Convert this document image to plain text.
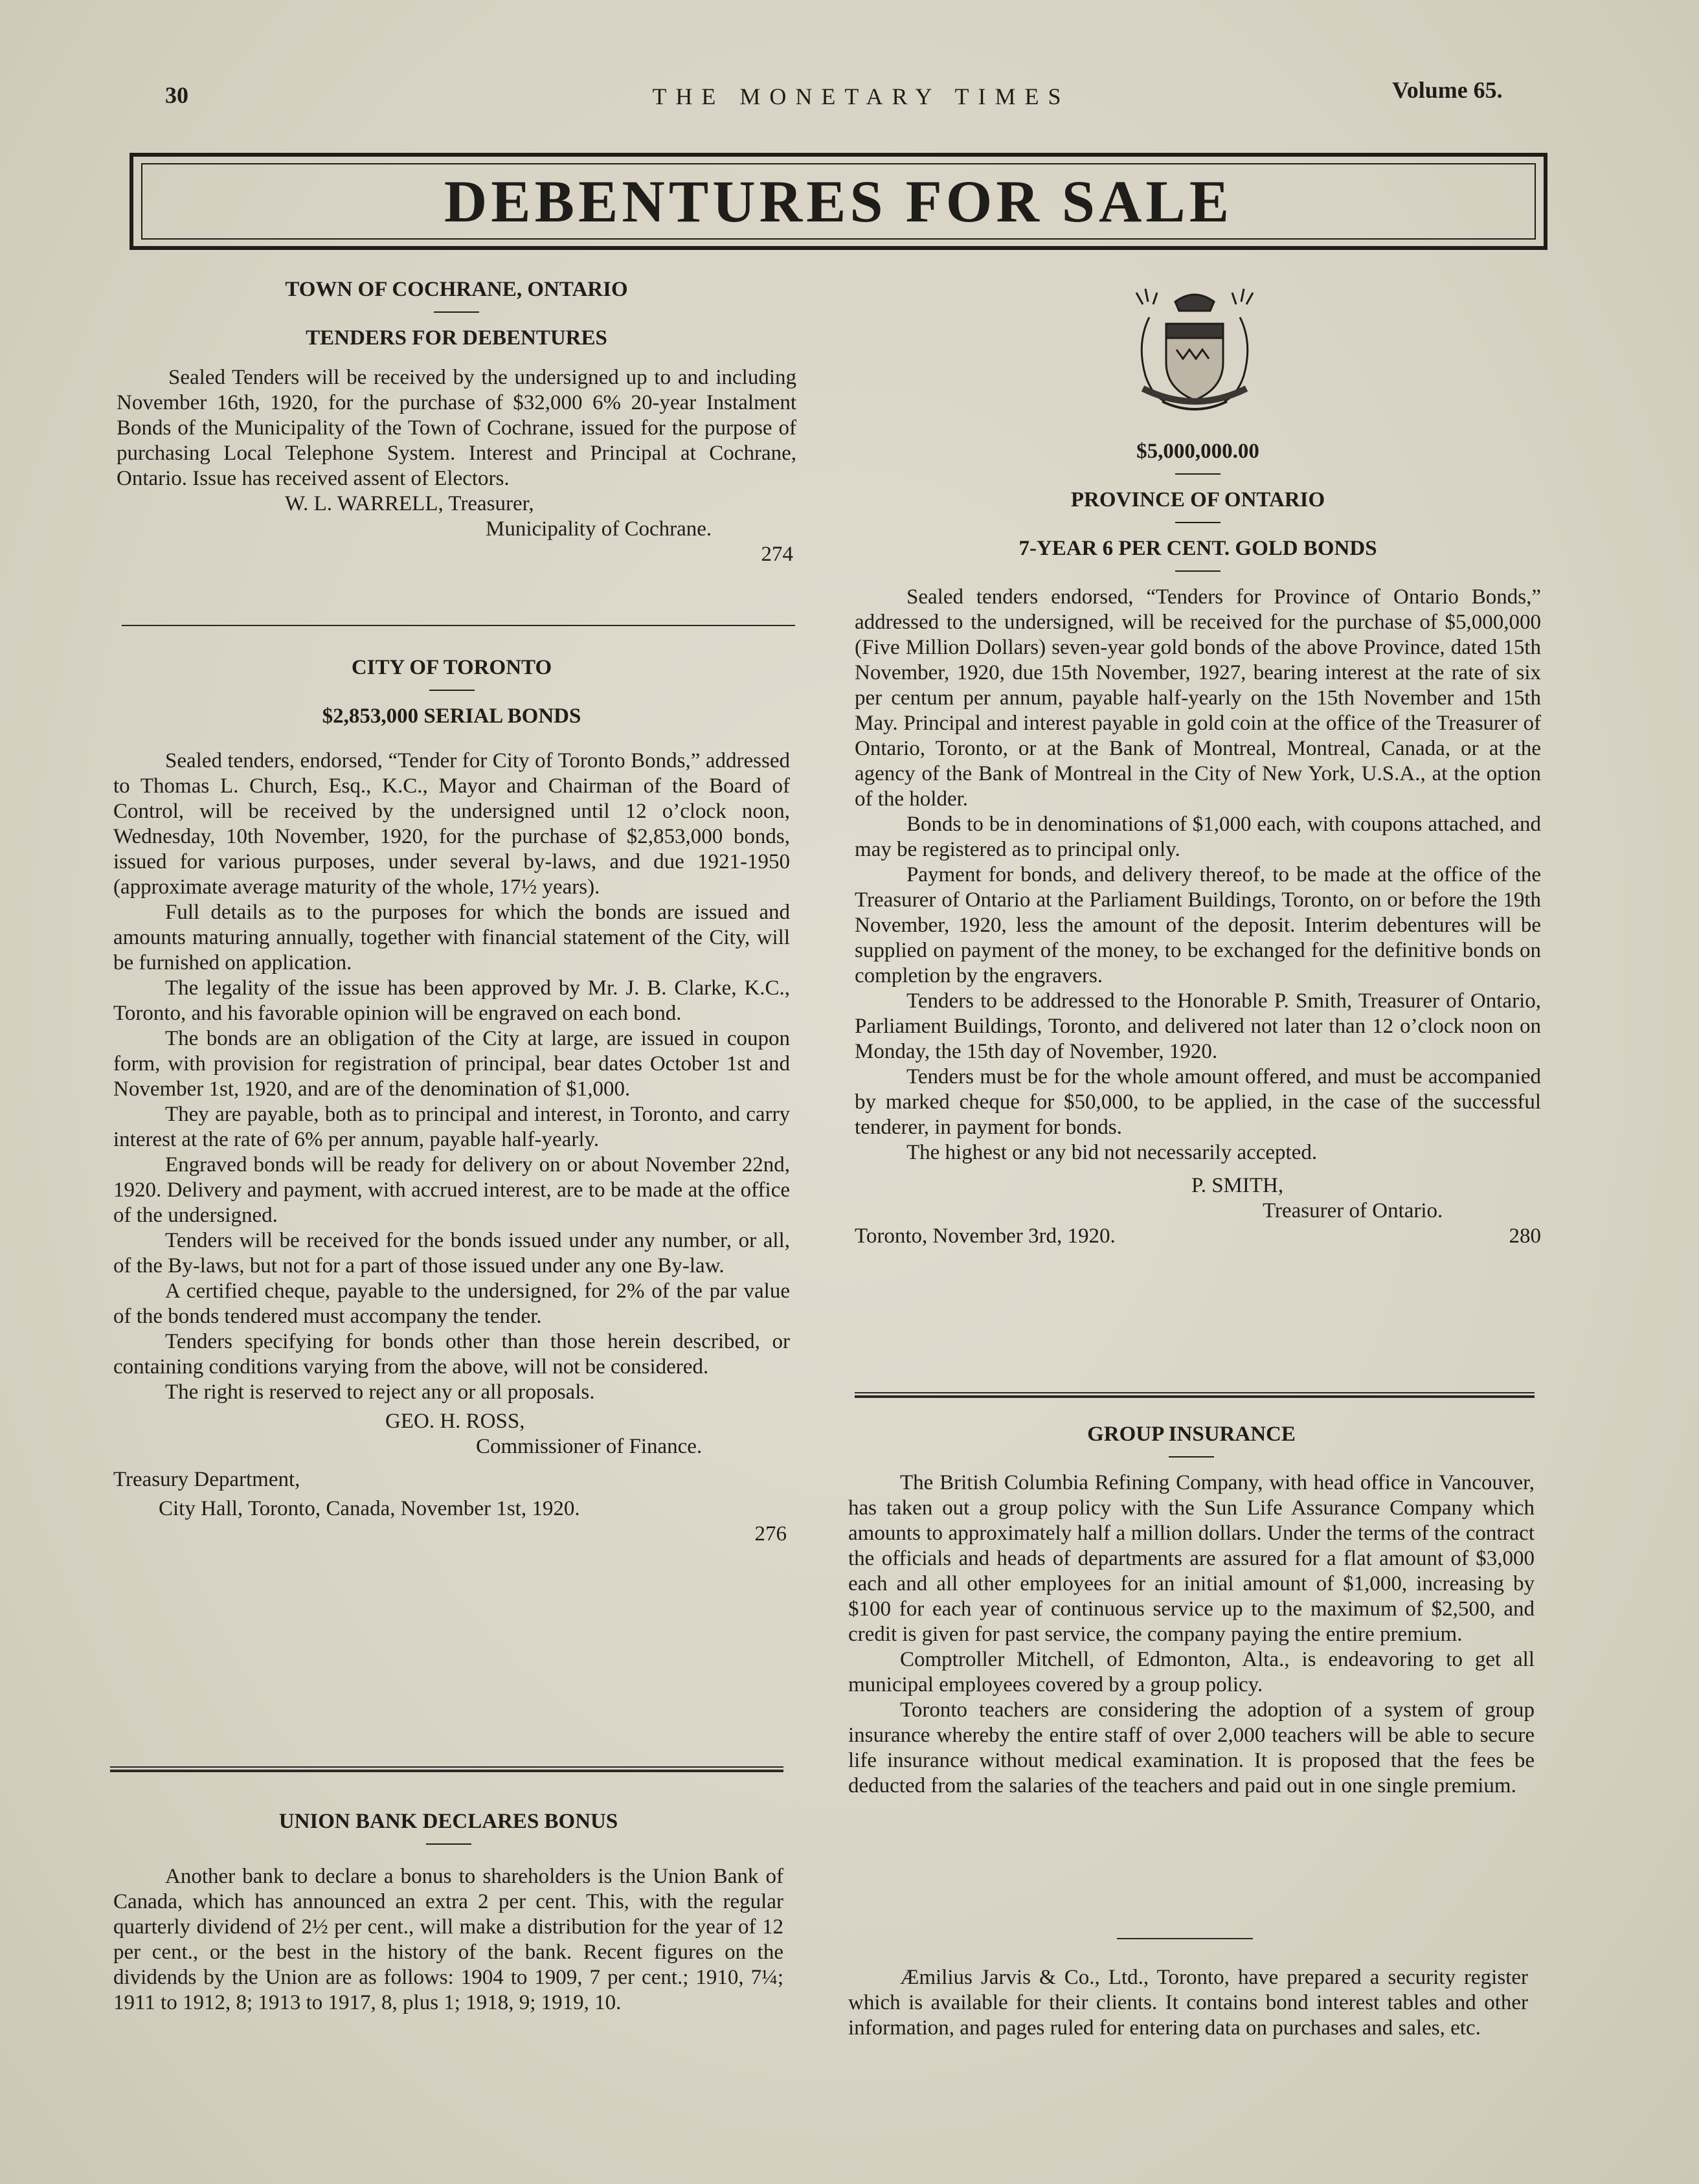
30	THE MONETARY TIMES	Volume 65.
DEBENTURES FOR SALE
TOWN OF COCHRANE, ONTARIO
TENDERS FOR DEBENTURES

Sealed Tenders will be received by the undersigned up to and including November 16th, 1920, for the purchase of $32,000 6% 20-year Instalment Bonds of the Municipality of the Town of Cochrane, issued for the purpose of purchasing Local Telephone System. Interest and Principal at Cochrane, Ontario. Issue has received assent of Electors.

W. L. WARRELL, Treasurer,
Municipality of Cochrane.
274
CITY OF TORONTO
$2,853,000 SERIAL BONDS

Sealed tenders, endorsed, “Tender for City of Toronto Bonds,” addressed to Thomas L. Church, Esq., K.C., Mayor and Chairman of the Board of Control, will be received by the undersigned until 12 o’clock noon, Wednesday, 10th November, 1920, for the purchase of $2,853,000 bonds, issued for various purposes, under several by-laws, and due 1921-1950 (approximate average maturity of the whole, 17½ years).

Full details as to the purposes for which the bonds are issued and amounts maturing annually, together with financial statement of the City, will be furnished on application.

The legality of the issue has been approved by Mr. J. B. Clarke, K.C., Toronto, and his favorable opinion will be engraved on each bond.

The bonds are an obligation of the City at large, are issued in coupon form, with provision for registration of principal, bear dates October 1st and November 1st, 1920, and are of the denomination of $1,000.

They are payable, both as to principal and interest, in Toronto, and carry interest at the rate of 6% per annum, payable half-yearly.

Engraved bonds will be ready for delivery on or about November 22nd, 1920. Delivery and payment, with accrued interest, are to be made at the office of the undersigned.

Tenders will be received for the bonds issued under any number, or all, of the By-laws, but not for a part of those issued under any one By-law.

A certified cheque, payable to the undersigned, for 2% of the par value of the bonds tendered must accompany the tender.

Tenders specifying for bonds other than those herein described, or containing conditions varying from the above, will not be considered.

The right is reserved to reject any or all proposals.

GEO. H. ROSS,
Commissioner of Finance.
Treasury Department,
City Hall, Toronto, Canada, November 1st, 1920.
276
UNION BANK DECLARES BONUS

Another bank to declare a bonus to shareholders is the Union Bank of Canada, which has announced an extra 2 per cent. This, with the regular quarterly dividend of 2½ per cent., will make a distribution for the year of 12 per cent., or the best in the history of the bank. Recent figures on the dividends by the Union are as follows: 1904 to 1909, 7 per cent.; 1910, 7¼; 1911 to 1912, 8; 1913 to 1917, 8, plus 1; 1918, 9; 1919, 10.

$5,000,000.00
PROVINCE OF ONTARIO
7-YEAR 6 PER CENT. GOLD BONDS

Sealed tenders endorsed, “Tenders for Province of Ontario Bonds,” addressed to the undersigned, will be received for the purchase of $5,000,000 (Five Million Dollars) seven-year gold bonds of the above Province, dated 15th November, 1920, due 15th November, 1927, bearing interest at the rate of six per centum per annum, payable half-yearly on the 15th November and 15th May. Principal and interest payable in gold coin at the office of the Treasurer of Ontario, Toronto, or at the Bank of Montreal, Montreal, Canada, or at the agency of the Bank of Montreal in the City of New York, U.S.A., at the option of the holder.

Bonds to be in denominations of $1,000 each, with coupons attached, and may be registered as to principal only.

Payment for bonds, and delivery thereof, to be made at the office of the Treasurer of Ontario at the Parliament Buildings, Toronto, on or before the 19th November, 1920, less the amount of the deposit. Interim debentures will be supplied on payment of the money, to be exchanged for the definitive bonds on completion by the engravers.

Tenders to be addressed to the Honorable P. Smith, Treasurer of Ontario, Parliament Buildings, Toronto, and delivered not later than 12 o’clock noon on Monday, the 15th day of November, 1920.

Tenders must be for the whole amount offered, and must be accompanied by marked cheque for $50,000, to be applied, in the case of the successful tenderer, in payment for bonds.

The highest or any bid not necessarily accepted.

P. SMITH,
Treasurer of Ontario.
Toronto, November 3rd, 1920.	280
GROUP INSURANCE

The British Columbia Refining Company, with head office in Vancouver, has taken out a group policy with the Sun Life Assurance Company which amounts to approximately half a million dollars. Under the terms of the contract the officials and heads of departments are assured for a flat amount of $3,000 each and all other employees for an initial amount of $1,000, increasing by $100 for each year of continuous service up to the maximum of $2,500, and credit is given for past service, the company paying the entire premium.

Comptroller Mitchell, of Edmonton, Alta., is endeavoring to get all municipal employees covered by a group policy.

Toronto teachers are considering the adoption of a system of group insurance whereby the entire staff of over 2,000 teachers will be able to secure life insurance without medical examination. It is proposed that the fees be deducted from the salaries of the teachers and paid out in one single premium.

Æmilius Jarvis & Co., Ltd., Toronto, have prepared a security register which is available for their clients. It contains bond interest tables and other information, and pages ruled for entering data on purchases and sales, etc.
